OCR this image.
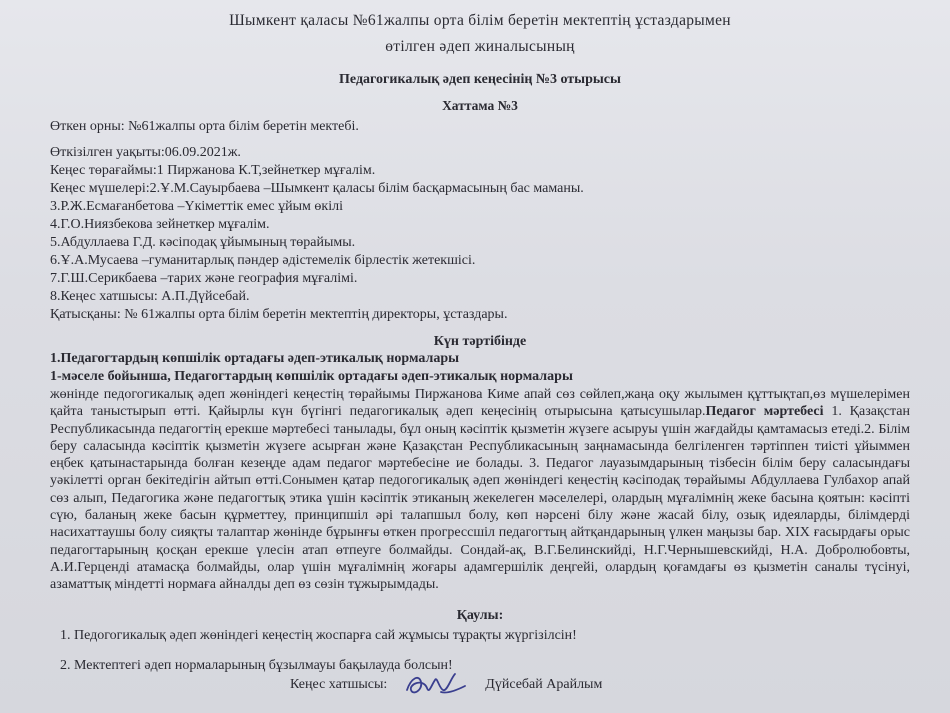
Шымкент қаласы №61жалпы орта білім беретін мектептің ұстаздарымен
өтілген әдеп жиналысының
Педагогикалық әдеп кеңесінің №3 отырысы
Хаттама №3
Өткен орны: №61жалпы орта білім беретін мектебі.
Өткізілген уақыты:06.09.2021ж.
Кеңес төрағаймы:1 Пиржанова К.Т,зейнеткер мұғалім.
Кеңес мүшелері:2.Ұ.М.Сауырбаева –Шымкент қаласы білім басқармасының бас маманы.
3.Р.Ж.Есмағанбетова –Үкіметтік емес ұйым өкілі
4.Г.О.Ниязбекова зейнеткер мұғалім.
5.Абдуллаева Г.Д. кәсіподақ ұйымының төрайымы.
6.Ұ.А.Мусаева –гуманитарлық пәндер әдістемелік бірлестік жетекшісі.
7.Г.Ш.Серикбаева –тарих және география мұғалімі.
8.Кеңес хатшысы: А.П.Дүйсебай.
Қатысқаны: № 61жалпы орта білім беретін мектептің директоры, ұстаздары.
Күн тәртібінде
1.Педагогтардың көпшілік ортадағы әдеп-этикалық нормалары
1-мәселе бойынша, Педагогтардың көпшілік ортадағы әдеп-этикалық нормалары

жөнінде педогогикалық әдеп жөніндегі кеңестің төрайымы Пиржанова Киме апай сөз сөйлеп,жаңа оқу жылымен құттықтап,өз мүшелерімен қайта таныстырып өтті. Қайырлы күн бүгінгі педагогикалық әдеп кеңесінің отырысына қатысушылар.Педагог мәртебесі 1. Қазақстан Республикасында педагогтің ерекше мәртебесі танылады, бұл оның кәсіптік қызметін жүзеге асыруы үшін жағдайды қамтамасыз етеді.2. Білім беру саласында кәсіптік қызметін жүзеге асырған және Қазақстан Республикасының заңнамасында белгіленген тәртіппен тиісті ұйыммен еңбек қатынастарында болған кезеңде адам педагог мәртебесіне ие болады. 3. Педагог лауазымдарының тізбесін білім беру саласындағы уәкілетті орган бекітедігін айтып өтті.Сонымен қатар педогогикалық әдеп жөніндегі кеңестің кәсіподақ төрайымы Абдуллаева Гулбахор апай сөз алып, Педагогика және педагогтық этика үшін кәсіптік этиканың жекелеген мәселелері, олардың мұғалімнің жеке басына қоятын: кәсіпті сүю, баланың жеке басын құрметтеу, принципшіл әрі талапшыл болу, көп нәрсені білу және жасай білу, озық идеяларды, білімдерді насихаттаушы болу сияқты талаптар жөнінде бұрынғы өткен прогрессшіл педагогтың айтқандарының үлкен маңызы бар. XIX ғасырдағы орыс педагогтарының қосқан ерекше үлесін атап өтпеуге болмайды. Сондай-ақ, В.Г.Белинскийді, Н.Г.Чернышевскийді, Н.А. Добролюбовты, А.И.Герценді атамасқа болмайды, олар үшін мұғалімнің жоғары адамгершілік деңгейі, олардың қоғамдағы өз қызметін саналы түсінуі, азаматтық міндетті нормаға айналды деп өз сөзін тұжырымдады.

Қаулы:
1. Педогогикалық әдеп жөніндегі кеңестің жоспарға сай жұмысы тұрақты жүргізілсін!
2. Мектептегі әдеп нормаларының бұзылмауы бақылауда болсын!
Кеңес хатшысы:	Дүйсебай Арайлым
